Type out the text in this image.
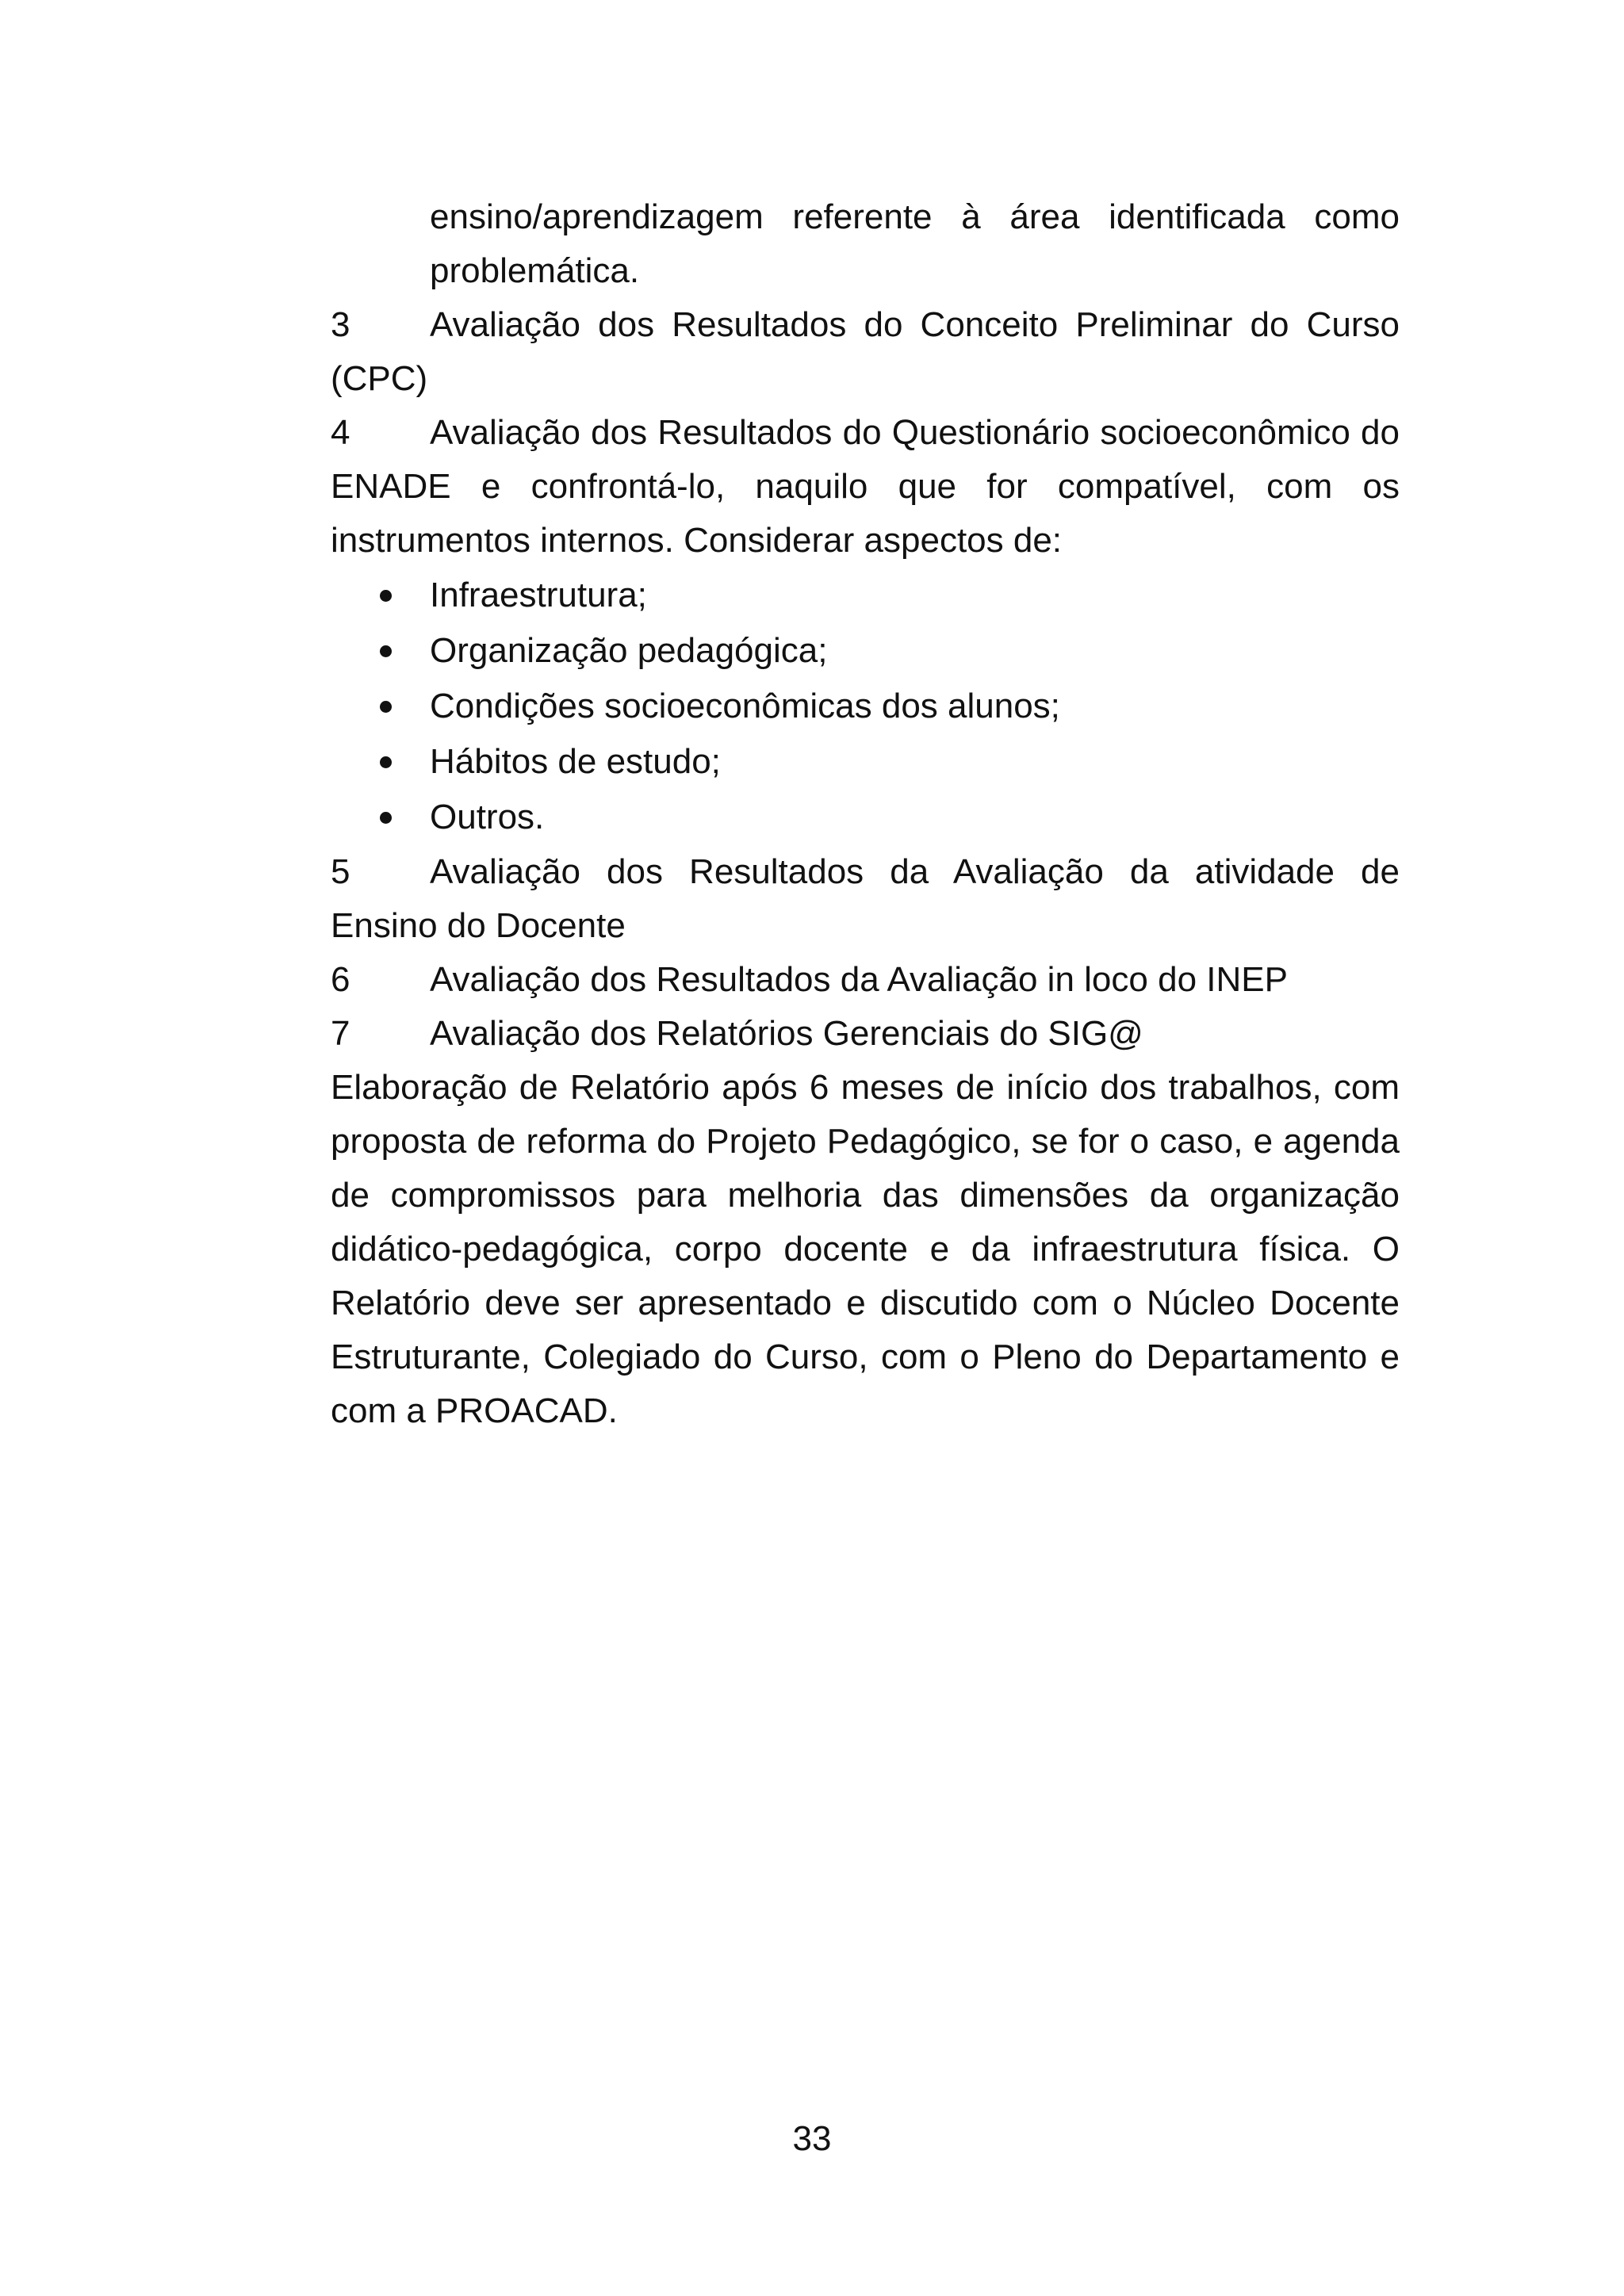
ensino/aprendizagem referente à área identificada como problemática.

3 Avaliação dos Resultados do Conceito Preliminar do Curso (CPC)

4 Avaliação dos Resultados do Questionário socioeconômico do ENADE e confrontá-lo, naquilo que for compatível, com os instrumentos internos. Considerar aspectos de:

Infraestrutura;
Organização pedagógica;
Condições socioeconômicas dos alunos;
Hábitos de estudo;
Outros.

5 Avaliação dos Resultados da Avaliação da atividade de Ensino do Docente

6 Avaliação dos Resultados da Avaliação in loco do INEP

7 Avaliação dos Relatórios Gerenciais do SIG@

Elaboração de Relatório após 6 meses de início dos trabalhos, com proposta de reforma do Projeto Pedagógico, se for o caso, e agenda de compromissos para melhoria das dimensões da organização didático-pedagógica, corpo docente e da infraestrutura física. O Relatório deve ser apresentado e discutido com o Núcleo Docente Estruturante, Colegiado do Curso, com o Pleno do Departamento e com a PROACAD.

33
